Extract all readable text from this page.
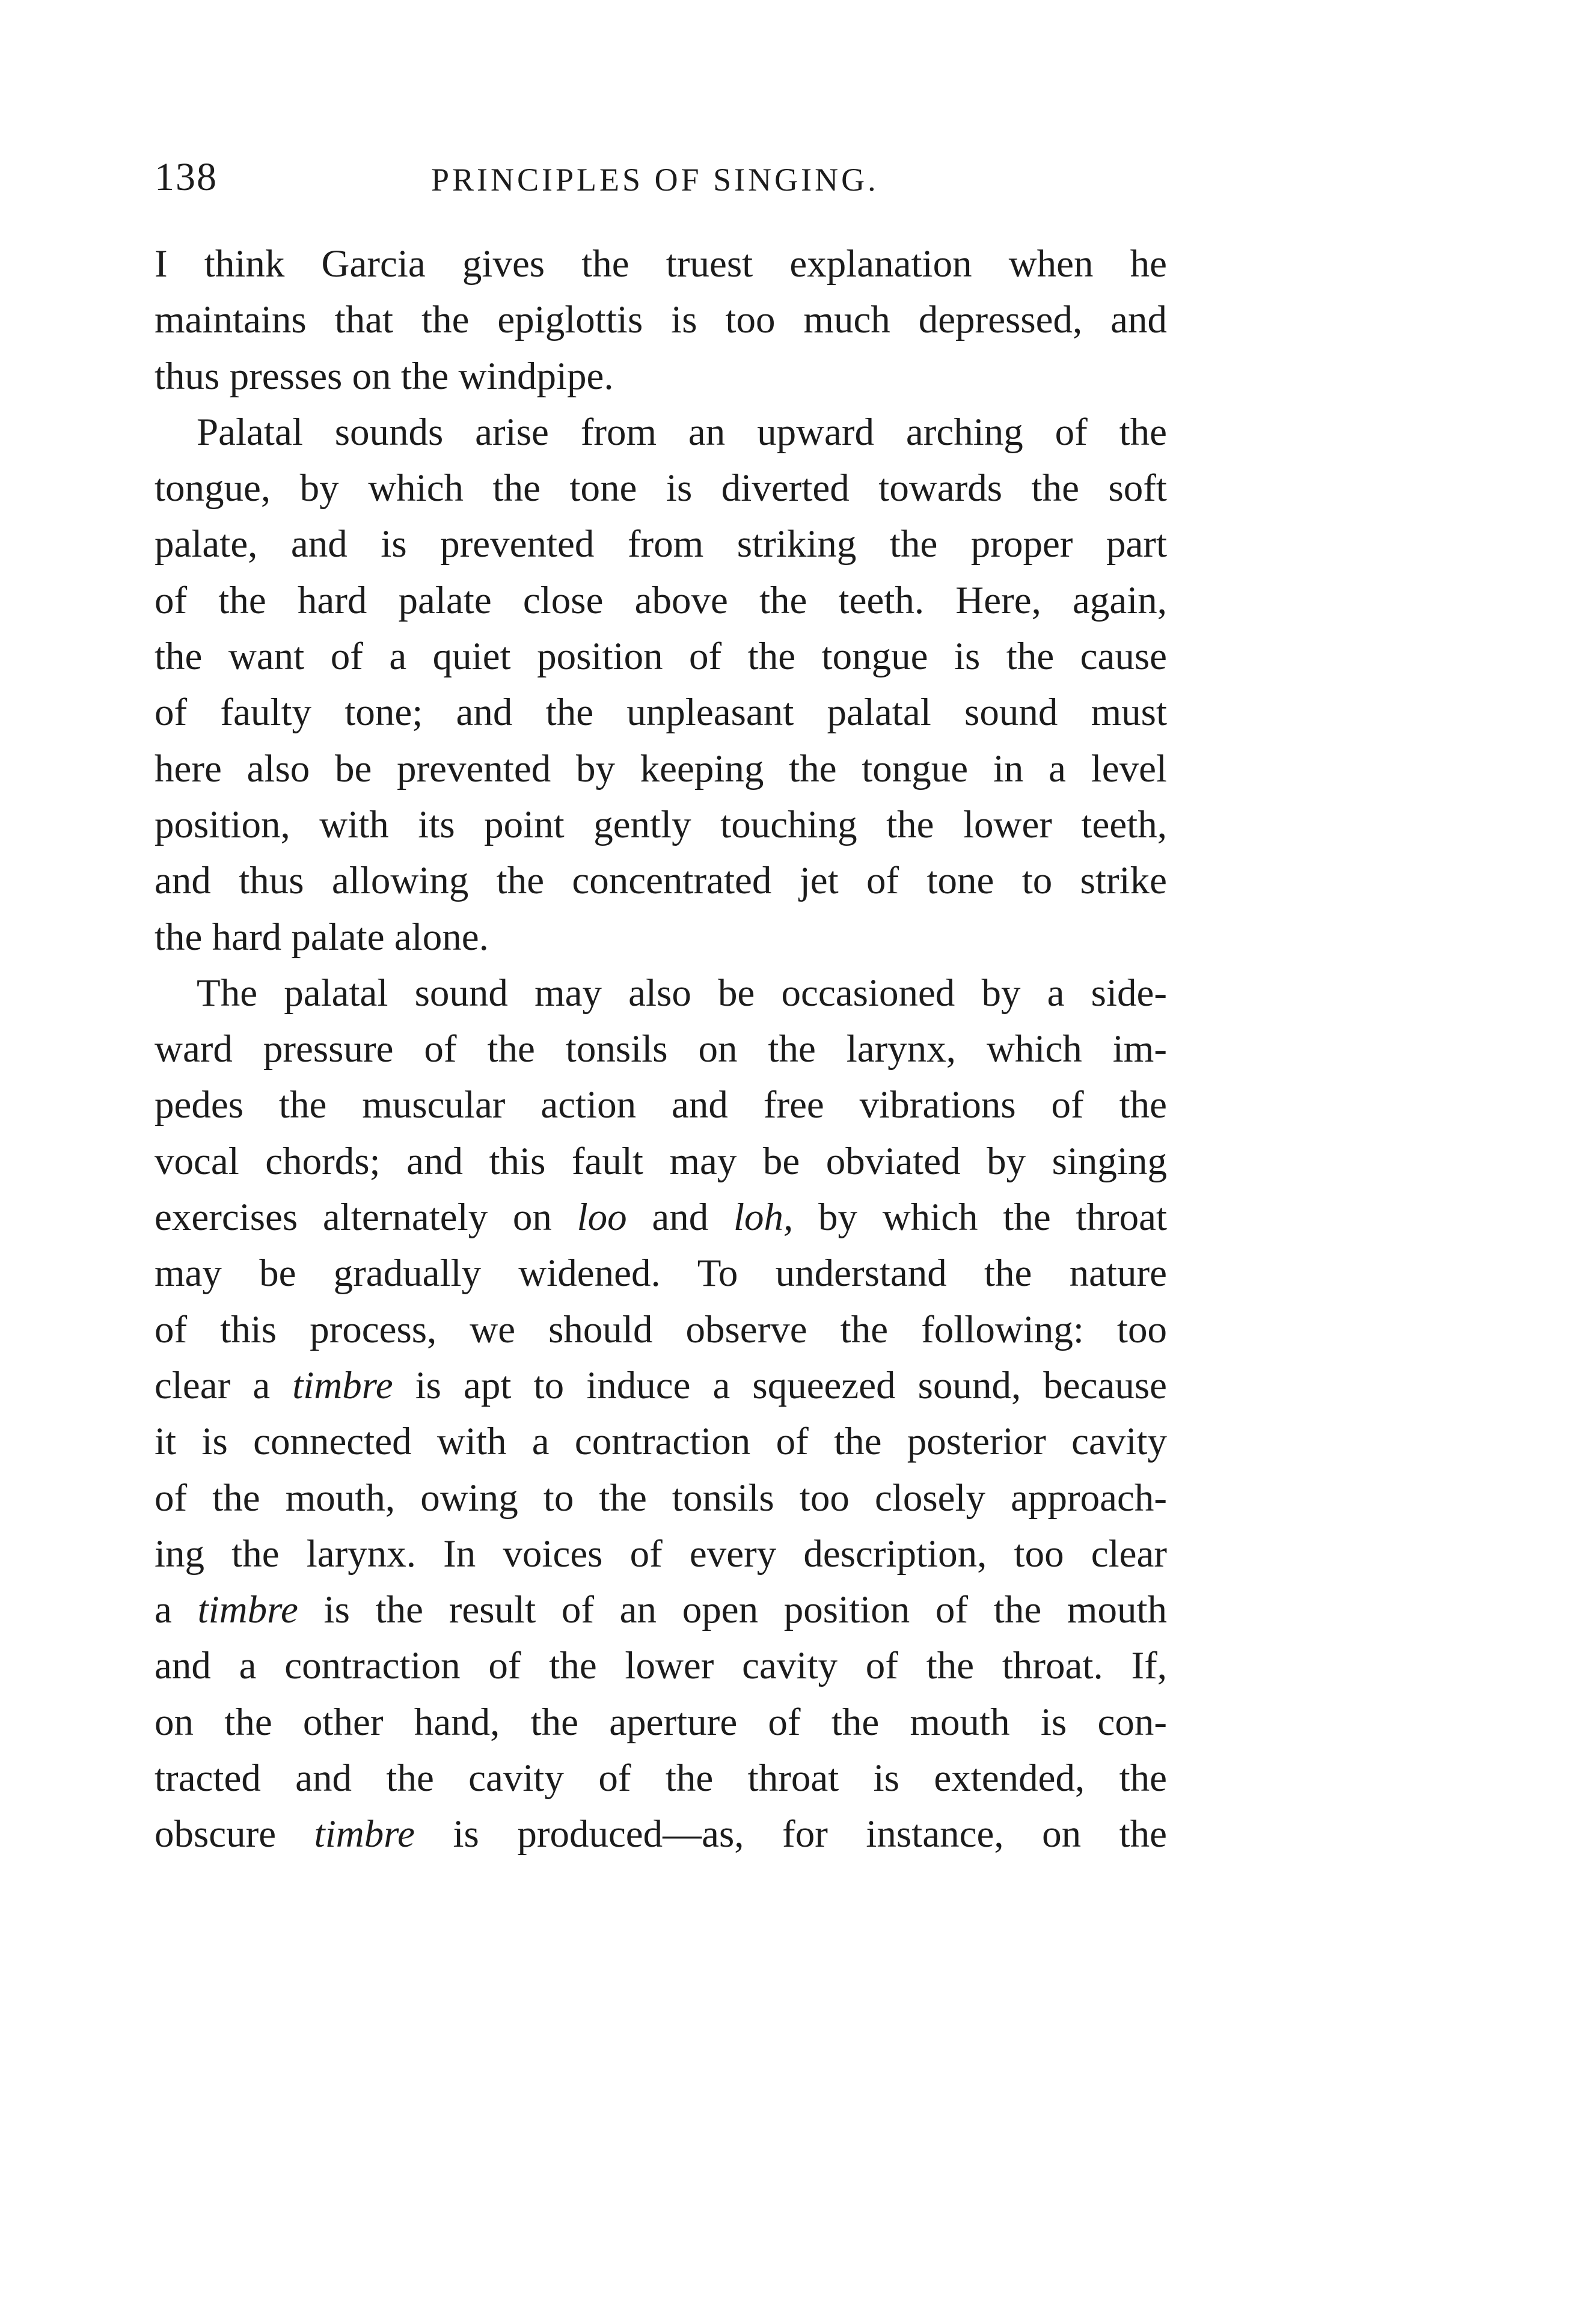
138	PRINCIPLES OF SINGING.
I think Garcia gives the truest explanation when he
maintains that the epiglottis is too much depressed, and
thus presses on the windpipe.
Palatal sounds arise from an upward arching of the
tongue, by which the tone is diverted towards the soft
palate, and is prevented from striking the proper part
of the hard palate close above the teeth. Here, again,
the want of a quiet position of the tongue is the cause
of faulty tone; and the unpleasant palatal sound must
here also be prevented by keeping the tongue in a level
position, with its point gently touching the lower teeth,
and thus allowing the concentrated jet of tone to strike
the hard palate alone.
The palatal sound may also be occasioned by a side-
ward pressure of the tonsils on the larynx, which im-
pedes the muscular action and free vibrations of the
vocal chords; and this fault may be obviated by singing
exercises alternately on loo and loh, by which the throat
may be gradually widened. To understand the nature
of this process, we should observe the following: too
clear a timbre is apt to induce a squeezed sound, because
it is connected with a contraction of the posterior cavity
of the mouth, owing to the tonsils too closely approach-
ing the larynx. In voices of every description, too clear
a timbre is the result of an open position of the mouth
and a contraction of the lower cavity of the throat. If,
on the other hand, the aperture of the mouth is con-
tracted and the cavity of the throat is extended, the
obscure timbre is produced—as, for instance, on the
